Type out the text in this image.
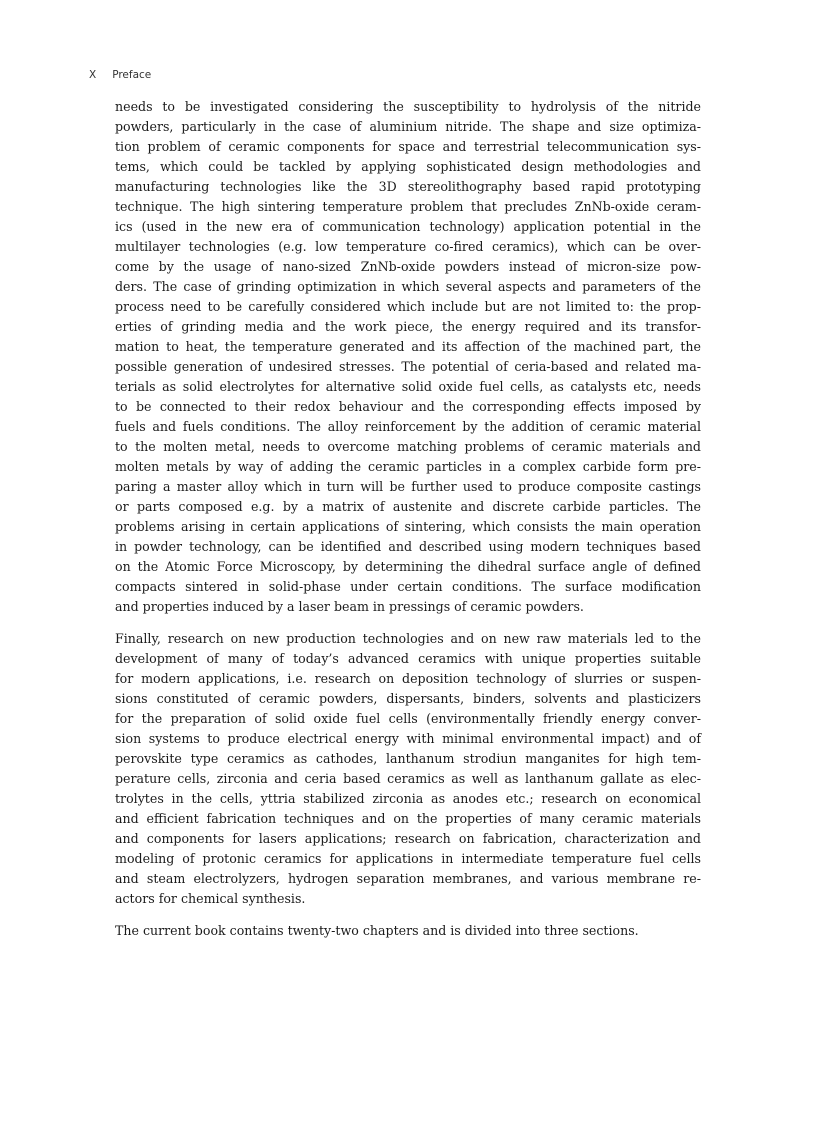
X Preface

needs to be investigated considering the susceptibility to hydrolysis of the nitride
powders, particularly in the case of aluminium nitride. The shape and size optimiza-
tion problem of ceramic components for space and terrestrial telecommunication sys-
tems, which could be tackled by applying sophisticated design methodologies and
manufacturing technologies like the 3D stereolithography based rapid prototyping
technique. The high sintering temperature problem that precludes ZnNb-oxide ceram-
ics (used in the new era of communication technology) application potential in the
multilayer technologies (e.g. low temperature co-fired ceramics), which can be over-
come by the usage of nano-sized ZnNb-oxide powders instead of micron-size pow-
ders. The case of grinding optimization in which several aspects and parameters of the
process need to be carefully considered which include but are not limited to: the prop-
erties of grinding media and the work piece, the energy required and its transfor-
mation to heat, the temperature generated and its affection of the machined part, the
possible generation of undesired stresses. The potential of ceria-based and related ma-
terials as solid electrolytes for alternative solid oxide fuel cells, as catalysts etc, needs
to be connected to their redox behaviour and the corresponding effects imposed by
fuels and fuels conditions. The alloy reinforcement by the addition of ceramic material
to the molten metal, needs to overcome matching problems of ceramic materials and
molten metals by way of adding the ceramic particles in a complex carbide form pre-
paring a master alloy which in turn will be further used to produce composite castings
or parts composed e.g. by a matrix of austenite and discrete carbide particles. The
problems arising in certain applications of sintering, which consists the main operation
in powder technology, can be identified and described using modern techniques based
on the Atomic Force Microscopy, by determining the dihedral surface angle of defined
compacts sintered in solid-phase under certain conditions. The surface modification
and properties induced by a laser beam in pressings of ceramic powders.

Finally, research on new production technologies and on new raw materials led to the
development of many of today’s advanced ceramics with unique properties suitable
for modern applications, i.e. research on deposition technology of slurries or suspen-
sions constituted of ceramic powders, dispersants, binders, solvents and plasticizers
for the preparation of solid oxide fuel cells (environmentally friendly energy conver-
sion systems to produce electrical energy with minimal environmental impact) and of
perovskite type ceramics as cathodes, lanthanum strodiun manganites for high tem-
perature cells, zirconia and ceria based ceramics as well as lanthanum gallate as elec-
trolytes in the cells, yttria stabilized zirconia as anodes etc.; research on economical
and efficient fabrication techniques and on the properties of many ceramic materials
and components for lasers applications; research on fabrication, characterization and
modeling of protonic ceramics for applications in intermediate temperature fuel cells
and steam electrolyzers, hydrogen separation membranes, and various membrane re-
actors for chemical synthesis.

The current book contains twenty-two chapters and is divided into three sections.
